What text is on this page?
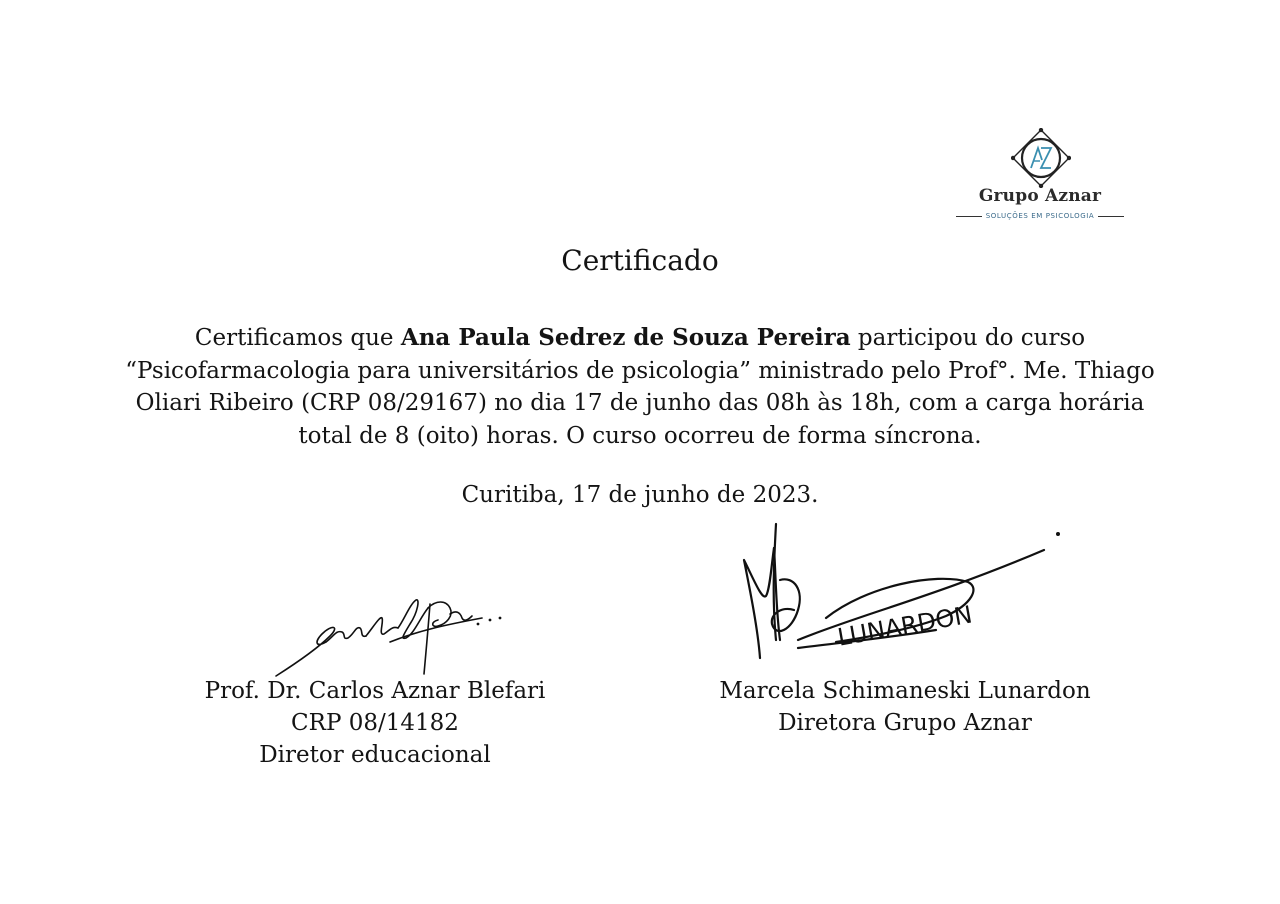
Grupo Aznar
SOLUÇÕES EM PSICOLOGIA
Certificado

Certificamos que Ana Paula Sedrez de Souza Pereira participou do curso “Psicofarmacologia para universitários de psicologia” ministrado pelo Prof°. Me. Thiago Oliari Ribeiro (CRP 08/29167) no dia 17 de junho das 08h às 18h, com a carga horária total de 8 (oito) horas. O curso ocorreu de forma síncrona.

Curitiba, 17 de junho de 2023.

LUNARDON
Prof. Dr. Carlos Aznar Blefari
CRP 08/14182
Diretor educacional
Marcela Schimaneski Lunardon
Diretora Grupo Aznar
